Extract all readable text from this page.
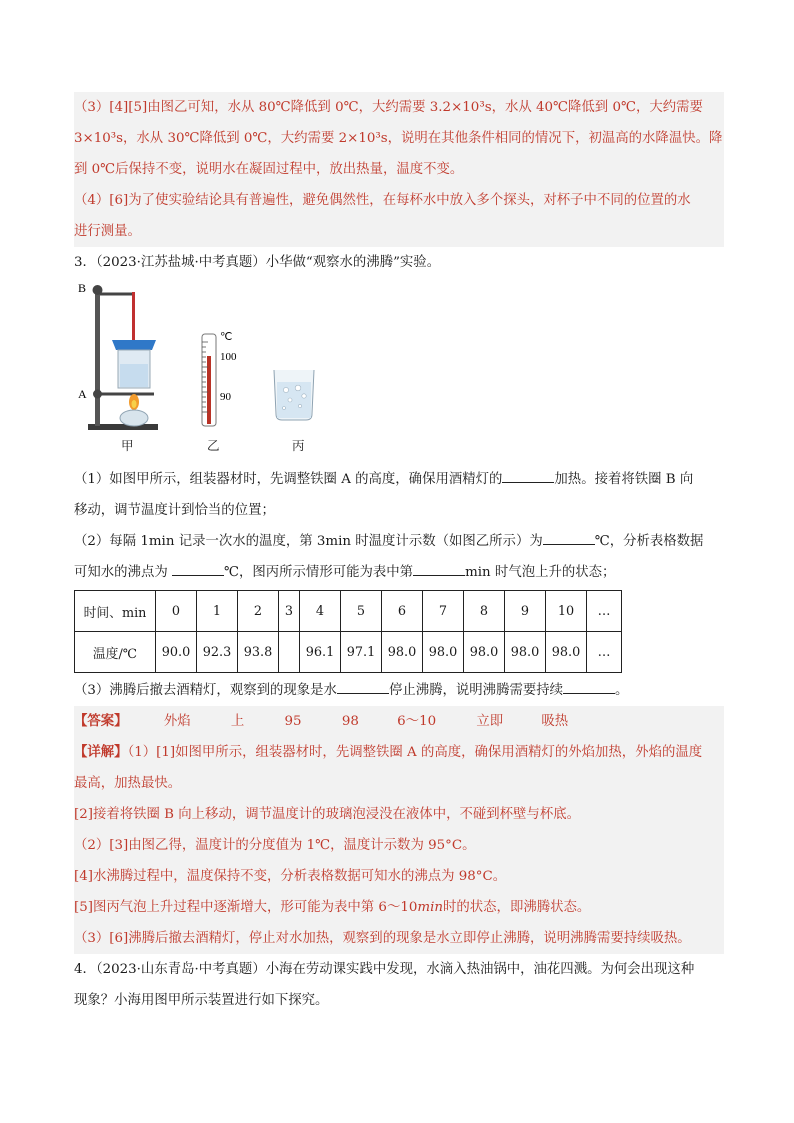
（3）[4][5]由图乙可知，水从 80℃降低到 0℃，大约需要 3.2×10³s，水从 40℃降低到 0℃，大约需要
3×10³s，水从 30℃降低到 0℃，大约需要 2×10³s，说明在其他条件相同的情况下，初温高的水降温快。降
到 0℃后保持不变，说明水在凝固过程中，放出热量，温度不变。
（4）[6]为了使实验结论具有普遍性，避免偶然性，在每杯水中放入多个探头，对杯子中不同的位置的水
进行测量。
3．（2023·江苏盐城·中考真题）小华做“观察水的沸腾”实验。
B
A
℃
100
90
甲	乙	丙
（1）如图甲所示，组装器材时，先调整铁圈 A 的高度，确保用酒精灯的	加热。接着将铁圈 B 向
移动，调节温度计到恰当的位置；
（2）每隔 1min 记录一次水的温度，第 3min 时温度计示数（如图乙所示）为	℃，分析表格数据
可知水的沸点为	℃，图丙所示情形可能为表中第	min 时气泡上升的状态；
时间、min	0	1	2	3	4	5	6	7	8	9	10	…
温度/℃	90.0	92.3	93.8		96.1	97.1	98.0	98.0	98.0	98.0	98.0	…
（3）沸腾后撤去酒精灯，观察到的现象是水	停止沸腾，说明沸腾需要持续	。
【答案】	外焰	上	95	98	6～10	立即	吸热
【详解】（1）[1]如图甲所示，组装器材时，先调整铁圈 A 的高度，确保用酒精灯的外焰加热，外焰的温度
最高，加热最快。
[2]接着将铁圈 B 向上移动，调节温度计的玻璃泡浸没在液体中，不碰到杯壁与杯底。
（2）[3]由图乙得，温度计的分度值为 1℃，温度计示数为 95°C。
[4]水沸腾过程中，温度保持不变，分析表格数据可知水的沸点为 98°C。
[5]图丙气泡上升过程中逐渐增大，形可能为表中第 6～10min时的状态，即沸腾状态。
（3）[6]沸腾后撤去酒精灯，停止对水加热，观察到的现象是水立即停止沸腾，说明沸腾需要持续吸热。
4．（2023·山东青岛·中考真题）小海在劳动课实践中发现，水滴入热油锅中，油花四溅。为何会出现这种
现象？小海用图甲所示装置进行如下探究。
